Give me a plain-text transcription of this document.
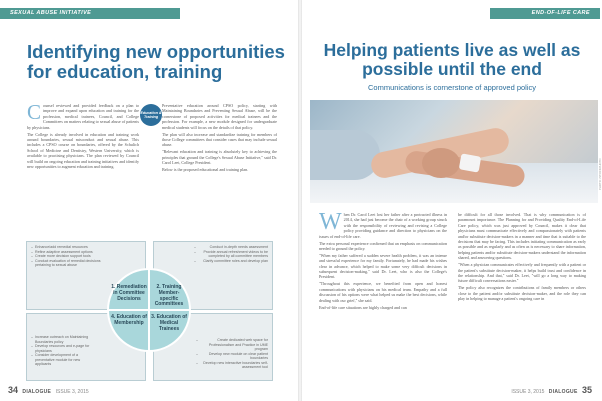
SEXUAL ABUSE INITIATIVE
Identifying new opportunities for education, training
C ounsel reviewed and provided feedback on a plan to improve and expand upon education and training for the profession, medical trainees, Council, and College Committees on matters relating to sexual abuse of patients by physicians.

The College is already involved in education and training work around boundaries, sexual misconduct and sexual abuse. This includes a CPSO course on boundaries, offered by the Schulich School of Medicine and Dentistry, Western University, which is available to practising physicians. The plan reviewed by Council will build on ongoing education and training initiatives and identify new opportunities to augment education and training.

Education & Training

Preventative education around CPSO policy, starting with Maintaining Boundaries and Preventing Sexual Abuse, will be the cornerstone of proposed activities for medical trainees and the profession. For example, a new module designed for undergraduate medical students will focus on the details of that policy.

The plan will also increase and standardize training for members of those College committees that consider cases that may include sexual abuse.

"Relevant education and training is absolutely key to achieving the principles that ground the College's Sexual Abuse Initiative," said Dr. Carol Leet, College President.

Below is the proposed educational and training plan.

– Enhance/add remedial resources
– Refine adaptive assessment options
– Create more decision support tools
– Conduct evaluation of remedial decisions pertaining to sexual abuse
– Conduct in-depth needs assessment
– Provide annual refreshment videos to be completed by all committee members
– Clarify committee roles and develop plan
– Increase outreach on Maintaining Boundaries policy
– Develop resources and e-page for physicians
– Consider development of a preventative module for new applicants
– Create dedicated web space for Professionalism and Practice in UME program
– Develop new module on clear patient boundaries
– Develop new interactive boundaries self-assessment tool
1. Remediation in Committee Decisions
2. Training Member-specific Committees
3. Education of Medical Trainees
4. Education of Membership
34 DIALOGUE ISSUE 3, 2015
END-OF-LIFE CARE
Helping patients live as well as possible until the end
Communications is cornerstone of approved policy
PHOTO: iSTOCKPHOTO
W hen Dr. Carol Leet lost her father after a protracted illness in 2014, she had just become the chair of a working group struck with the responsibility of reviewing and revising a College policy providing guidance and direction to physicians on the issues of end-of-life care.

The extra personal experience confirmed that an emphasis on communication needed to ground the policy.

"When my father suffered a sudden severe health problem, it was an intense and stressful experience for my family. Fortunately, he had made his wishes clear in advance, which helped to make some very difficult decisions in subsequent decision-making," said Dr. Leet, who is also the College's President.

"Throughout this experience, we benefited from open and honest communications with physicians on his medical team. Empathy and a full discussion of his options were what helped us make the best decisions, while dealing with our grief," she said.

End-of-life care situations are highly charged and can

be difficult for all those involved. That is why communication is of paramount importance. The Planning for and Providing Quality End-of-Life Care policy, which was just approved by Council, makes it clear that physicians must communicate effectively and compassionately with patients and/or substitute decision-makers in a manner and time that is suitable to the decisions that may be facing. This includes initiating communication as early as possible and as regularly and as often as is necessary to share information, helping patients and/or substitute decision-makers understand the information shared, and answering questions.

"When a physician communicates effectively and frequently with a patient or the patient's substitute decision-maker, it helps build trust and confidence in the relationship. And that," said Dr. Leet, "will go a long way to making future difficult conversations easier."

The policy also recognizes the contributions of family members or others close to the patient and/or substitute decision-maker, and the role they can play in helping to manage a patient's ongoing care in

ISSUE 3, 2015 DIALOGUE 35
